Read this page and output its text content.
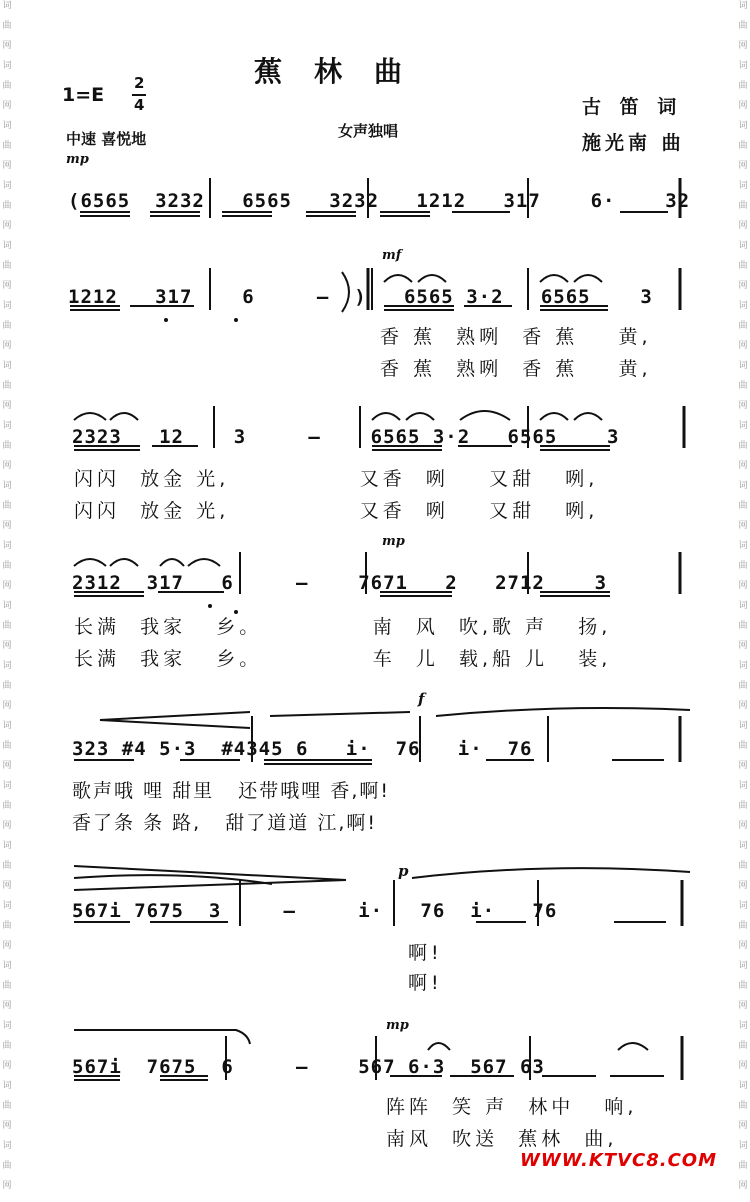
词
曲
网
词
曲
网
词
曲
网
词
曲
网
词
曲
网
词
曲
网
词
曲
网
词
曲
网
词
曲
网
词
曲
网
词
曲
网
词
曲
网
词
曲
网
词
曲
网
词
曲
网
词
曲
网
词
曲
网
词
曲
网
词
曲
网
词
曲
网
词
曲
网
词
曲
网
词
曲
网
词
曲
网
词
曲
网
词
曲
网
词
曲
网
词
曲
网
词
曲
网
词
曲
网
词
曲
网
词
曲
网
词
曲
网
词
曲
网
词
曲
网
词
曲
网
词
曲
网
词
曲
网
词
曲
网
词
曲
网
蕉林曲
1=E
2
4
中速 喜悦地	女声独唱
古 笛 词
施光南 曲
mp
mf
mp
f
p
mp
(6565 3232 6565 3232 1212 317	6·	32
1212 317	6	– ) 6565 3·2 6565	3
香 蕉 熟咧 香 蕉 黄,
香 蕉 熟咧 香 蕉 黄,
2323 12	3	–	6565 3·2 6565	3
闪闪 放金 光,	又香 咧 又甜 咧,
闪闪 放金 光,	又香 咧 又甜 咧,
2312 317 6	–	7671 2 2712	3
长满 我家 乡。	南 风 吹,歌 声 扬,
长满 我家 乡。	车 儿 载,船 儿 装,
323 #4 5·3 #4345 6 i· 76 i· 76
歌声哦 哩 甜里 还带哦哩 香,啊!
香了条 条 路, 甜了道道 江,啊!
567i 7675 3	–	i· 76 i· 76
啊!
啊!
567i 7675 6	–	567 6·3 567 63
阵阵 笑 声 林中 响,
南风 吹送 蕉林 曲,
WWW.KTVC8.COM
